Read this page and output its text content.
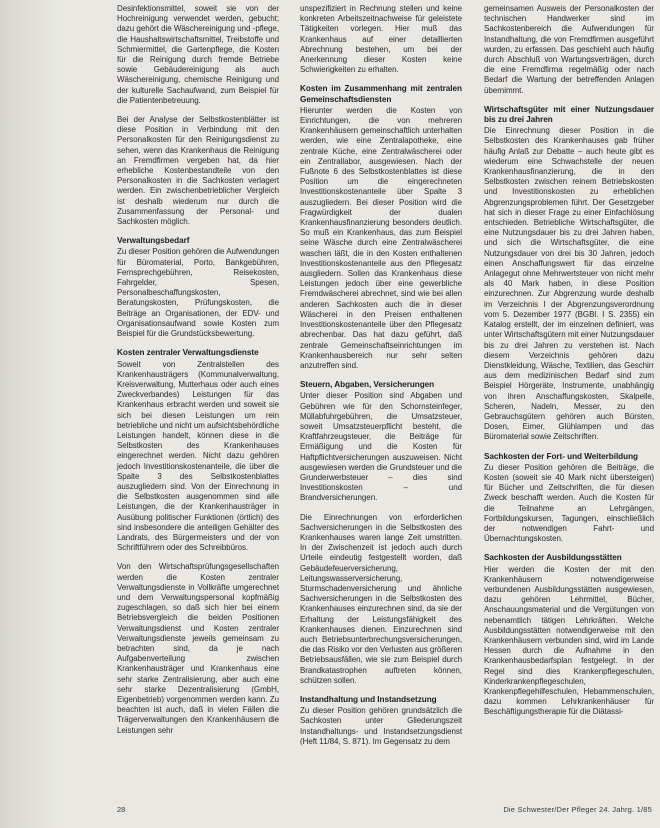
Desinfektionsmittel, soweit sie von der Hochreinigung verwendet werden, gebucht; dazu gehört die Wäschereinigung und -pflege, die Haushaltswirtschaftsmittel, Treibstoffe und Schmiermittel, die Gartenpflege, die Kosten für die Reinigung durch fremde Betriebe sowie Gebäudereinigung als auch Wäschereinigung, chemische Reinigung und der kulturelle Sachaufwand, zum Beispiel für die Patientenbetreuung.

Bei der Analyse der Selbstkostenblätter ist diese Position in Verbindung mit den Personalkosten für den Reinigungsdienst zu sehen, wenn das Krankenhaus die Reinigung an Fremdfirmen vergeben hat, da hier erhebliche Kostenbestandteile von den Personalkosten in die Sachkosten verlagert werden. Ein zwischenbetrieblicher Vergleich ist deshalb wiederum nur durch die Zusammenfassung der Personal- und Sachkosten möglich.

Verwaltungsbedarf

Zu dieser Position gehören die Aufwendungen für Büromaterial, Porto, Bankgebühren, Fernsprechgebühren, Reisekosten, Fahrgelder, Spesen, Personalbeschaffungskosten, Beratungskosten, Prüfungskosten, die Beiträge an Organisationen, der EDV- und Organisationsaufwand sowie Kosten zum Beispiel für die Grundstücksbewertung.

Kosten zentraler Verwaltungsdienste

Soweit von Zentralstellen des Krankenhausträgers (Kommunalverwaltung, Kreisverwaltung, Mutterhaus oder auch eines Zweckverbandes) Leistungen für das Krankenhaus erbracht werden und soweit sie sich bei diesen Leistungen um rein betriebliche und nicht um aufsichtsbehördliche Leistungen handelt, können diese in die Selbstkosten des Krankenhauses eingerechnet werden. Nicht dazu gehören jedoch Investitionskostenanteile, die über die Spalte 3 des Selbstkostenblattes auszugliedern sind. Von der Einrechnung in die Selbstkosten ausgenommen sind alle Leistungen, die der Krankenhausträger in Ausübung politischer Funktionen (örtlich) des sind insbesondere die anteiligen Gehälter des Landrats, des Bürgermeisters und der von Schriftführern oder des Schreibbüros.

Von den Wirtschaftsprüfungsgesellschaften werden die Kosten zentraler Verwaltungsdienste in Vollkräfte umgerechnet und dem Verwaltungspersonal kopfmäßig zugeschlagen, so daß sich hier bei einem Betriebsvergleich die beiden Positionen Verwaltungsdienst und Kosten zentraler Verwaltungsdienste jeweils gemeinsam zu betrachten sind, da je nach Aufgabenverteilung zwischen Krankenhausträger und Krankenhaus eine sehr starke Zentralisierung, aber auch eine sehr starke Dezentralisierung (GmbH, Eigenbetrieb) vorgenommen werden kann. Zu beachten ist auch, daß in vielen Fällen die Trägerverwaltungen den Krankenhäusern die Leistungen sehr

unspezifiziert in Rechnung stellen und keine konkreten Arbeitszeitnachweise für geleistete Tätigkeiten vorlegen. Hier muß das Krankenhaus auf einer detaillierten Abrechnung bestehen, um bei der Anerkennung dieser Kosten keine Schwierigkeiten zu erhalten.

Kosten im Zusammenhang mit zentralen Gemeinschaftsdiensten

Hierunter werden die Kosten von Einrichtungen, die von mehreren Krankenhäusern gemeinschaftlich unterhalten werden, wie eine Zentralapotheke, eine zentrale Küche, eine Zentralwäscherei oder ein Zentrallabor, ausgewiesen. Nach der Fußnote 6 des Selbstkostenblattes ist diese Position um die eingerechneten Investitionskostenanteile über Spalte 3 auszugliedern. Bei dieser Position wird die Fragwürdigkeit der dualen Krankenhausfinanzierung besonders deutlich. So muß ein Krankenhaus, das zum Beispiel seine Wäsche durch eine Zentralwäscherei waschen läßt, die in den Kosten enthaltenen Investitionskostenanteile aus den Pflegesatz ausgliedern. Sollen das Krankenhaus diese Leistungen jedoch über eine gewerbliche Fremdwäscherei abrechnet, sind wie bei allen anderen Sachkosten auch die in dieser Wäscherei in den Preisen enthaltenen Investitionskostenanteile über den Pflegesatz abrechenbar. Das hat dazu geführt, daß zentrale Gemeinschaftseinrichtungen im Krankenhausbereich nur sehr selten anzutreffen sind.

Steuern, Abgaben, Versicherungen

Unter dieser Position sind Abgaben und Gebühren wie für den Schornsteinfeger, Müllabfuhrgebühren, die Umsatzsteuer, soweit Umsatzsteuerpflicht besteht, die Kraftfahrzeugsteuer, die Beiträge für Ermäßigung und die Kosten für Haftpflichtversicherungen auszuweisen. Nicht ausgewiesen werden die Grundsteuer und die Grunderwerbsteuer – dies sind Investitionskosten – und Brandversicherungen.

Die Einrechnungen von erforderlichen Sachversicherungen in die Selbstkosten des Krankenhauses waren lange Zeit umstritten. In der Zwischenzeit ist jedoch auch durch Urteile eindeutig festgestellt worden, daß Gebäudefeuerversicherung, Leitungswasserversicherung, Sturmschadenversicherung und ähnliche Sachversicherungen in die Selbstkosten des Krankenhauses einzurechnen sind, da sie der Erhaltung der Leistungsfähigkeit des Krankenhauses dienen. Einzurechnen sind auch Betriebsunterbrechungsversicherungen, die das Risiko vor den Verlusten aus größeren Betriebsausfällen, wie sie zum Beispiel durch Brandkatastrophen auftreten können, schützen sollen.

Instandhaltung und Instandsetzung

Zu dieser Position gehören grundsätzlich die Sachkosten unter Gliederungszeit Instandhaltungs- und Instandsetzungsdienst (Heft 11/84, S. 871). Im Gegensatz zu dem

gemeinsamen Ausweis der Personalkosten der technischen Handwerker sind im Sachkostenbereich die Aufwendungen für Instandhaltung, die von Fremdfirmen ausgeführt wurden, zu erfassen. Das geschieht auch häufig durch Abschluß von Wartungsverträgen, durch die eine Fremdfirma regelmäßig oder nach Bedarf die Wartung der betreffenden Anlagen übernimmt.

Wirtschaftsgüter mit einer Nutzungsdauer bis zu drei Jahren

Die Einrechnung dieser Position in die Selbstkosten des Krankenhauses gab früher häufig Anlaß zur Debatte – auch heute gibt es wiederum eine Schwachstelle der neuen Krankenhausfinanzierung, die in den Selbstkosten zwischen reinem Betriebskosten und Investitionskosten zu erheblichen Abgrenzungsproblemen führt. Der Gesetzgeber hat sich in dieser Frage zu einer Einfachlösung entschieden. Betriebliche Wirtschaftsgüter, die eine Nutzungsdauer bis zu drei Jahren haben, und sich die Wirtschaftsgüter, die eine Nutzungsdauer von drei bis 30 Jahren, jedoch einen Anschaffungswert für das einzelne Anlagegut ohne Mehrwertsteuer von nicht mehr als 40 Mark haben, in diese Position einzurechnen. Zur Abgrenzung wurde deshalb im Verzeichnis I der Abgrenzungsverordnung vom 5. Dezember 1977 (BGBl. I S. 2355) ein Katalog erstellt, der im einzelnen definiert, was unter Wirtschaftsgütern mit einer Nutzungsdauer bis zu drei Jahren zu verstehen ist. Nach diesem Verzeichnis gehören dazu Dienstkleidung, Wäsche, Textilien, das Geschirr aus dem medizinischen Bedarf sind zum Beispiel Hörgeräte, Instrumente, unabhängig von ihren Anschaffungskosten, Skalpelle, Scheren, Nadeln, Messer, zu den Gebrauchsgütern gehören auch Bürsten, Dosen, Eimer, Glühlampen und das Büromaterial sowie Zeitschriften.

Sachkosten der Fort- und Weiterbildung

Zu dieser Position gehören die Beiträge, die Kosten (soweit sie 40 Mark nicht übersteigen) für Bücher und Zeitschriften, die für diesen Zweck beschafft werden. Auch die Kosten für die Teilnahme an Lehrgängen, Fortbildungskursen, Tagungen, einschließlich der notwendigen Fahrt- und Übernachtungskosten.

Sachkosten der Ausbildungsstätten

Hier werden die Kosten der mit den Krankenhäusern notwendigerweise verbundenen Ausbildungsstätten ausgewiesen, dazu gehören Lehrmittel, Bücher, Anschauungsmaterial und die Vergütungen von nebenamtlich tätigen Lehrkräften. Welche Ausbildungsstätten notwendigerweise mit den Krankenhäusern verbunden sind, wird im Lande Hessen durch die Aufnahme in den Krankenhausbedarfsplan festgelegt. In der Regel sind dies Krankenpflegeschulen, Kinderkrankenpflegeschulen, Krankenpflegehilfeschulen, Hebammenschulen, dazu kommen Lehrkrankenhäuser für Beschäftigungstherapie für die Diätassi-

28	Die Schwester/Der Pfleger 24. Jahrg. 1/85
